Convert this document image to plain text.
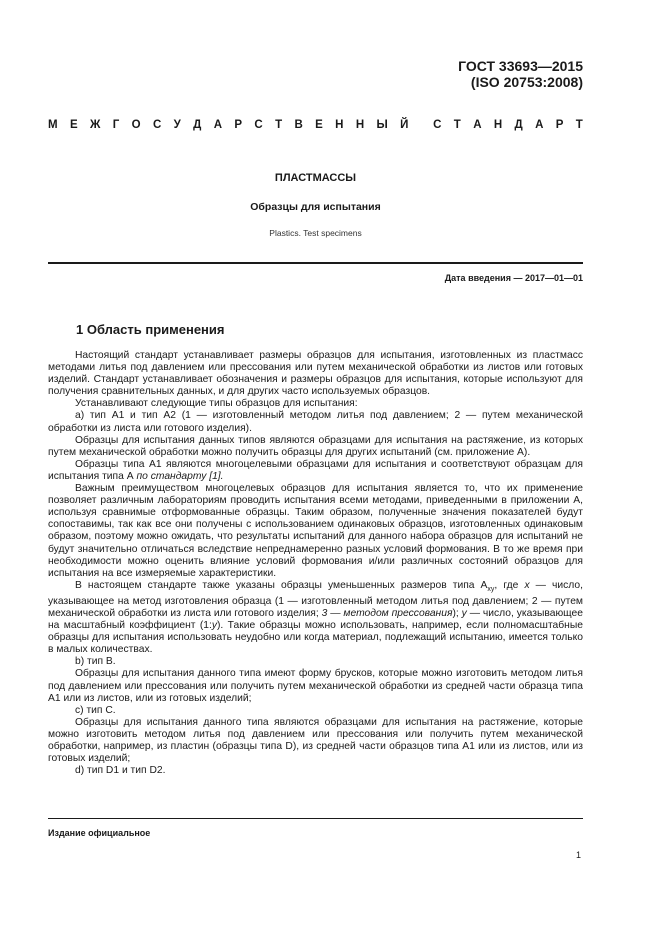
ГОСТ 33693—2015
(ISO 20753:2008)
М Е Ж Г О С У Д А Р С Т В Е Н Н Ы Й С Т А Н Д А Р Т
ПЛАСТМАССЫ
Образцы для испытания
Plastics. Test specimens
Дата введения — 2017—01—01
1 Область применения

Настоящий стандарт устанавливает размеры образцов для испытания, изготовленных из пластмасс методами литья под давлением или прессования или путем механической обработки из листов или готовых изделий. Стандарт устанавливает обозначения и размеры образцов для испытания, которые используют для получения сравнительных данных, и для других часто используемых образцов.

Устанавливают следующие типы образцов для испытания:

а) тип А1 и тип А2 (1 — изготовленный методом литья под давлением; 2 — путем механической обработки из листа или готового изделия).

Образцы для испытания данных типов являются образцами для испытания на растяжение, из которых путем механической обработки можно получить образцы для других испытаний (см. приложение А).

Образцы типа А1 являются многоцелевыми образцами для испытания и соответствуют образцам для испытания типа А по стандарту [1].

Важным преимуществом многоцелевых образцов для испытания является то, что их применение позволяет различным лабораториям проводить испытания всеми методами, приведенными в приложении А, используя сравнимые отформованные образцы. Таким образом, полученные значения показателей будут сопоставимы, так как все они получены с использованием одинаковых образцов, изготовленных одинаковым образом, поэтому можно ожидать, что результаты испытаний для данного набора образцов для испытаний не будут значительно отличаться вследствие непреднамеренно разных условий формования. В то же время при необходимости можно оценить влияние условий формования и/или различных состояний образцов для испытания на все измеряемые характеристики.

В настоящем стандарте также указаны образцы уменьшенных размеров типа $А_{xy}$, где x — число, указывающее на метод изготовления образца (1 — изготовленный методом литья под давлением; 2 — путем механической обработки из листа или готового изделия; 3 — методом прессования); y — число, указывающее на масштабный коэффициент (1:y). Такие образцы можно использовать, например, если полномасштабные образцы для испытания использовать неудобно или когда материал, подлежащий испытанию, имеется только в малых количествах.

b) тип В.

Образцы для испытания данного типа имеют форму брусков, которые можно изготовить методом литья под давлением или прессования или получить путем механической обработки из средней части образца типа А1 или из листов, или из готовых изделий;

с) тип С.

Образцы для испытания данного типа являются образцами для испытания на растяжение, которые можно изготовить методом литья под давлением или прессования или получить путем механической обработки, например, из пластин (образцы типа D), из средней части образцов типа А1 или из листов, или из готовых изделий;

d) тип D1 и тип D2.

Издание официальное
1
